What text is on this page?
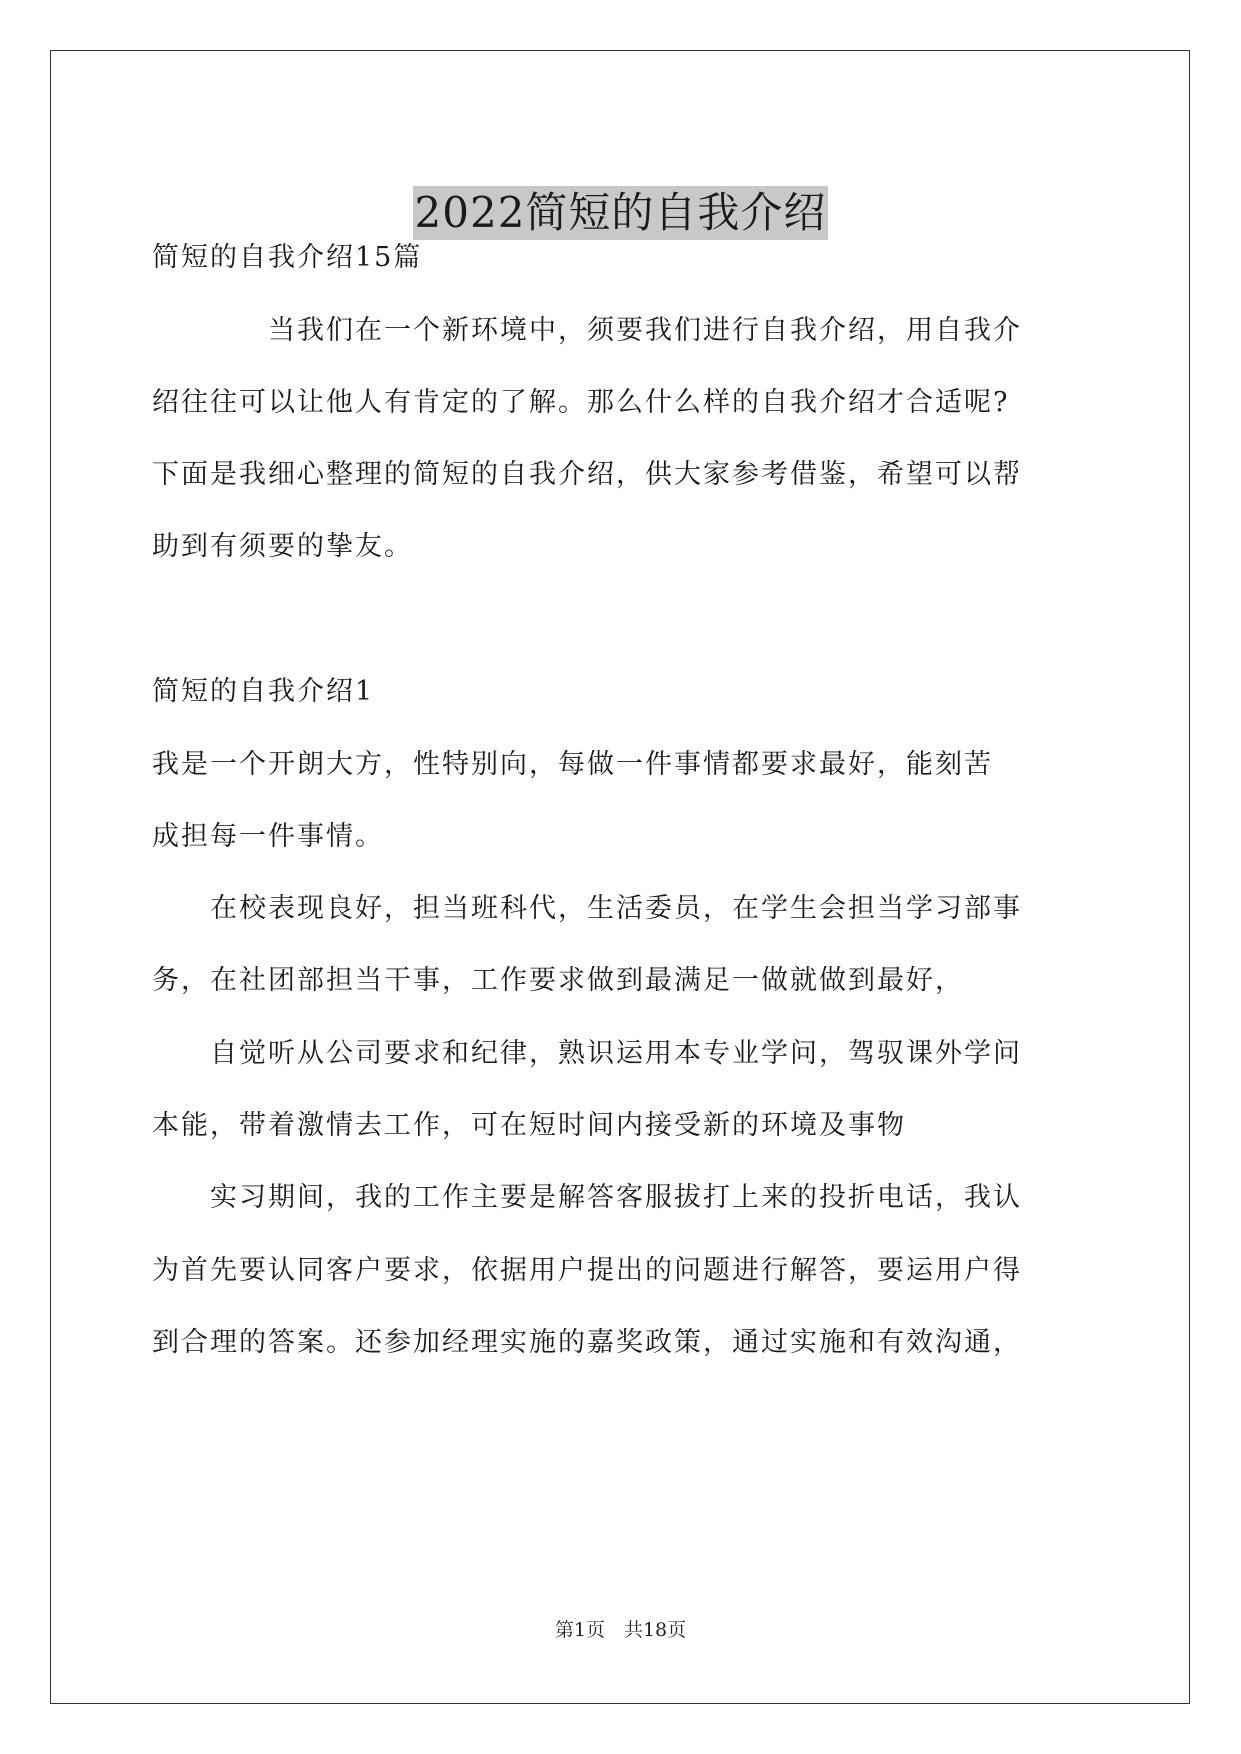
2022简短的自我介绍
简短的自我介绍15篇
　　　　当我们在一个新环境中，须要我们进行自我介绍，用自我介
绍往往可以让他人有肯定的了解。那么什么样的自我介绍才合适呢?
下面是我细心整理的简短的自我介绍，供大家参考借鉴，希望可以帮
助到有须要的挚友。
简短的自我介绍1
我是一个开朗大方，性特别向，每做一件事情都要求最好，能刻苦
成担每一件事情。
　　在校表现良好，担当班科代，生活委员，在学生会担当学习部事
务，在社团部担当干事，工作要求做到最满足一做就做到最好，
　　自觉听从公司要求和纪律，熟识运用本专业学问，驾驭课外学问
本能，带着激情去工作，可在短时间内接受新的环境及事物
　　实习期间，我的工作主要是解答客服拔打上来的投折电话，我认
为首先要认同客户要求，依据用户提出的问题进行解答，要运用户得
到合理的答案。还参加经理实施的嘉奖政策，通过实施和有效沟通，
第1页　共18页
